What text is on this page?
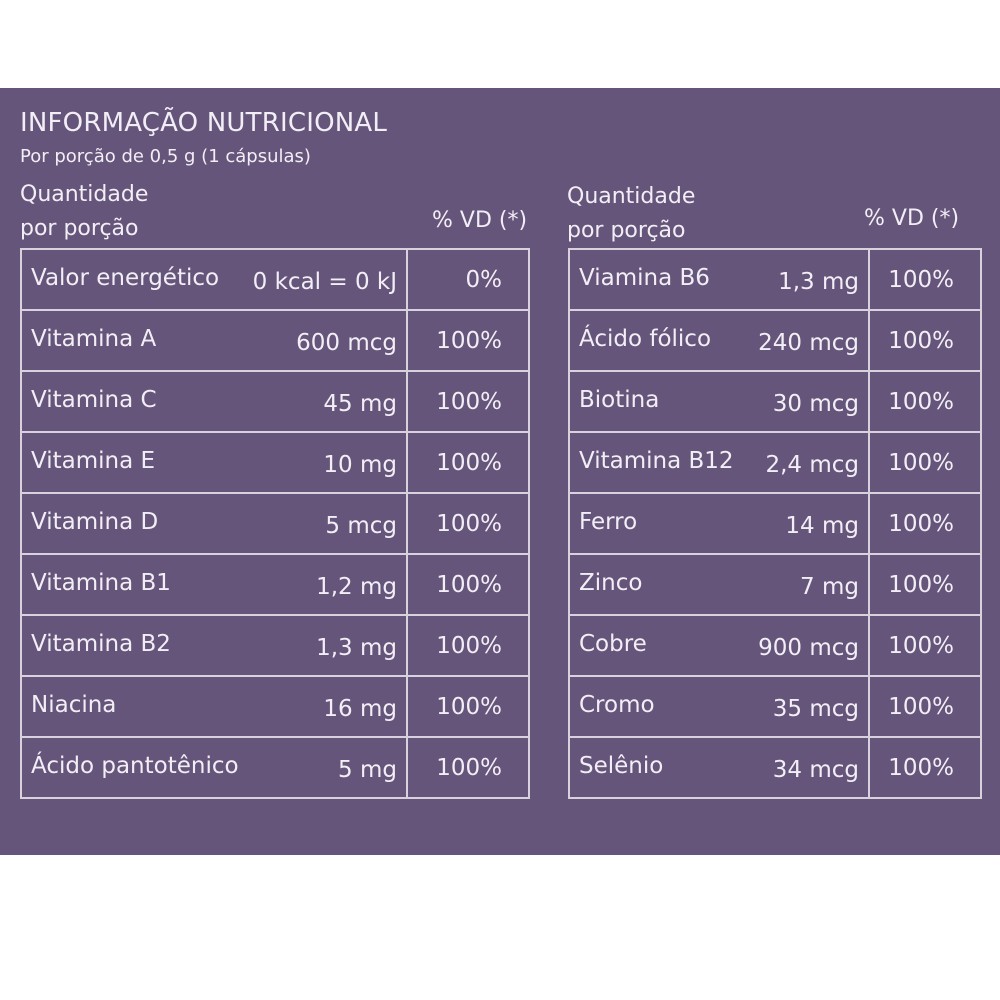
INFORMAÇÃO NUTRICIONAL
Por porção de 0,5 g (1 cápsulas)
Quantidade
por porção	% VD (*)
Quantidade
por porção	% VD (*)
Valor energético 0 kcal = 0 kJ	0%

Vitamina A 600 mcg	100%

Vitamina C 45 mg	100%

Vitamina E 10 mg	100%

Vitamina D 5 mcg	100%

Vitamina B1 1,2 mg	100%

Vitamina B2 1,3 mg	100%

Niacina 16 mg	100%

Ácido pantotênico 5 mg	100%
Viamina B6 1,3 mg	100%

Ácido fólico 240 mcg	100%

Biotina 30 mcg	100%

Vitamina B12 2,4 mcg	100%

Ferro 14 mg	100%

Zinco 7 mg	100%

Cobre 900 mcg	100%

Cromo 35 mcg	100%

Selênio 34 mcg	100%
